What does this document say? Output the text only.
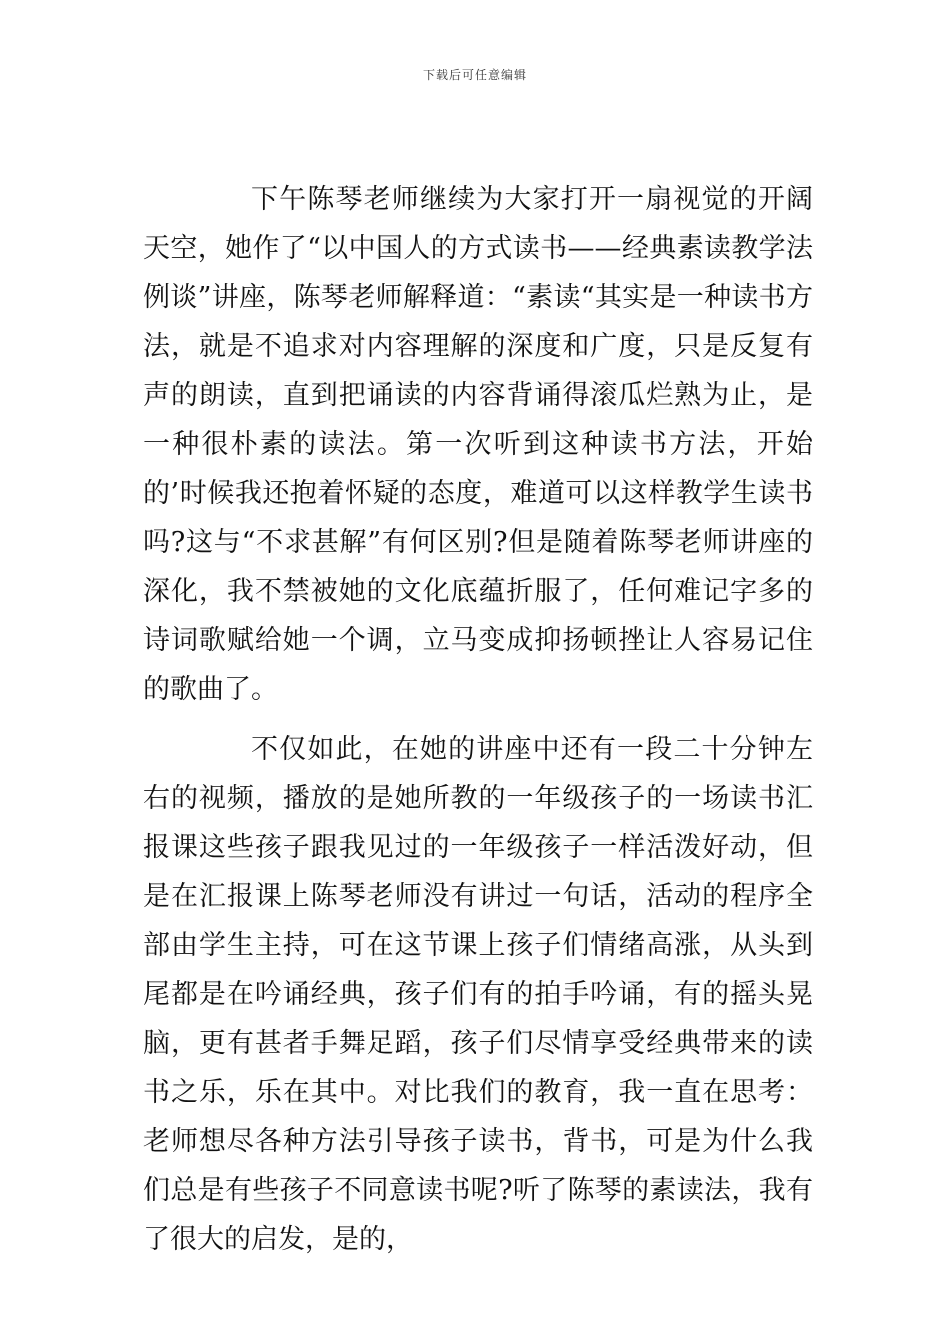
下载后可任意编辑

下午陈琴老师继续为大家打开一扇视觉的开阔天空，她作了“以中国人的方式读书——经典素读教学法例谈”讲座，陈琴老师解释道：“素读“其实是一种读书方法，就是不追求对内容理解的深度和广度，只是反复有声的朗读，直到把诵读的内容背诵得滚瓜烂熟为止，是一种很朴素的读法。第一次听到这种读书方法，开始的’时候我还抱着怀疑的态度，难道可以这样教学生读书吗?这与“不求甚解”有何区别?但是随着陈琴老师讲座的深化，我不禁被她的文化底蕴折服了，任何难记字多的诗词歌赋给她一个调，立马变成抑扬顿挫让人容易记住的歌曲了。

不仅如此，在她的讲座中还有一段二十分钟左右的视频，播放的是她所教的一年级孩子的一场读书汇报课这些孩子跟我见过的一年级孩子一样活泼好动，但是在汇报课上陈琴老师没有讲过一句话，活动的程序全部由学生主持，可在这节课上孩子们情绪高涨，从头到尾都是在吟诵经典，孩子们有的拍手吟诵，有的摇头晃脑，更有甚者手舞足蹈，孩子们尽情享受经典带来的读书之乐，乐在其中。对比我们的教育，我一直在思考：老师想尽各种方法引导孩子读书，背书，可是为什么我们总是有些孩子不同意读书呢?听了陈琴的素读法，我有了很大的启发，是的，
